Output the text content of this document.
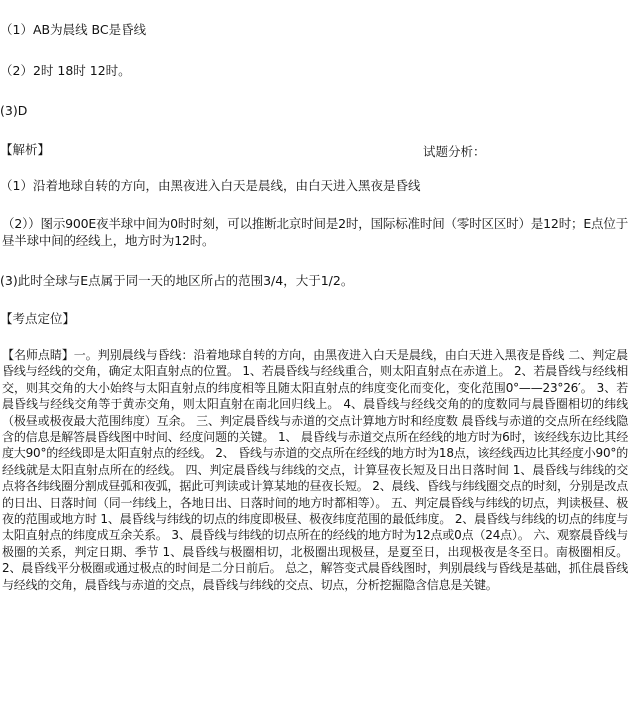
（1）AB为晨线 BC是昏线
（2）2时 18时 12时。
(3)D
【解析】	试题分析：
（1）沿着地球自转的方向，由黑夜进入白天是晨线，由白天进入黑夜是昏线
（2））图示900E夜半球中间为0时时刻，可以推断北京时间是2时，国际标准时间（零时区区时）是12时；E点位于昼半球中间的经线上，地方时为12时。
(3)此时全球与E点属于同一天的地区所占的范围3/4，大于1/2。
【考点定位】
【名师点睛】一。判别晨线与昏线：沿着地球自转的方向，由黑夜进入白天是晨线，由白天进入黑夜是昏线 二、判定晨昏线与经线的交角，确定太阳直射点的位置。 1、若晨昏线与经线重合，则太阳直射点在赤道上。 2、若晨昏线与经线相交，则其交角的大小始终与太阳直射点的纬度相等且随太阳直射点的纬度变化而变化，变化范围0°——23°26′。 3、若晨昏线与经线交角等于黄赤交角，则太阳直射在南北回归线上。 4、晨昏线与经线交角的的度数同与晨昏圈相切的纬线（极昼或极夜最大范围纬度）互余。 三、判定晨昏线与赤道的交点计算地方时和经度数 晨昏线与赤道的交点所在经线隐含的信息是解答晨昏线图中时间、经度问题的关键。 1、 晨昏线与赤道交点所在经线的地方时为6时，该经线东边比其经度大90°的经线即是太阳直射点的经线。 2、 昏线与赤道的交点所在经线的地方时为18点，该经线西边比其经度小90°的经线就是太阳直射点所在的经线。 四、判定晨昏线与纬线的交点，计算昼夜长短及日出日落时间 1、晨昏线与纬线的交点将各纬线圈分割成昼弧和夜弧，据此可判读或计算某地的昼夜长短。 2、晨线、昏线与纬线圈交点的时刻，分别是改点的日出、日落时间（同一纬线上，各地日出、日落时间的地方时都相等）。 五、判定晨昏线与纬线的切点，判读极昼、极夜的范围或地方时 1、晨昏线与纬线的切点的纬度即极昼、极夜纬度范围的最低纬度。 2、晨昏线与纬线的切点的纬度与太阳直射点的纬度成互余关系。 3、晨昏线与纬线的切点所在的经线的地方时为12点或0点（24点）。 六、观察晨昏线与极圈的关系，判定日期、季节 1、晨昏线与极圈相切，北极圈出现极昼，是夏至日，出现极夜是冬至日。南极圈相反。 2、晨昏线平分极圈或通过极点的时间是二分日前后。 总之，解答变式晨昏线图时，判别晨线与昏线是基础，抓住晨昏线与经线的交角，晨昏线与赤道的交点，晨昏线与纬线的交点、切点，分析挖掘隐含信息是关键。
